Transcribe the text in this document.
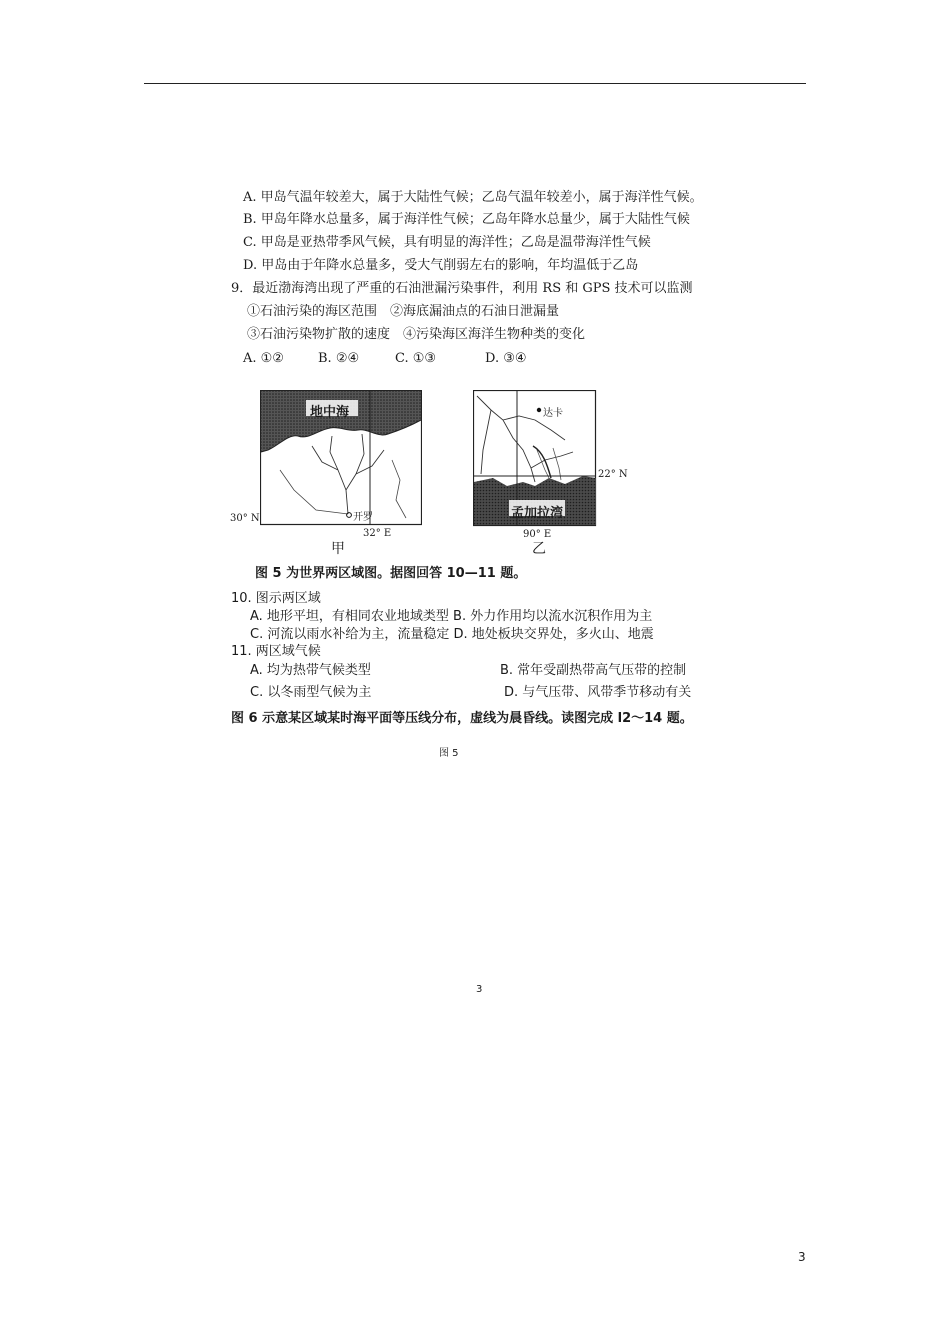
A. 甲岛气温年较差大，属于大陆性气候；乙岛气温年较差小，属于海洋性气候。
B. 甲岛年降水总量多，属于海洋性气候；乙岛年降水总量少，属于大陆性气候
C. 甲岛是亚热带季风气候，具有明显的海洋性；乙岛是温带海洋性气候
D. 甲岛由于年降水总量多，受大气削弱左右的影响，年均温低于乙岛
9．最近渤海湾出现了严重的石油泄漏污染事件，利用 RS 和 GPS 技术可以监测
①石油污染的海区范围　②海底漏油点的石油日泄漏量
③石油污染物扩散的速度　④污染海区海洋生物种类的变化
A. ①②	B. ②④	C. ①③	D. ③④
地中海
开罗
30° N
32° E
甲
达卡
22° N
孟加拉湾
90° E
乙
图 5 为世界两区域图。据图回答 10—11 题。
10. 图示两区域
A. 地形平坦，有相同农业地域类型 B. 外力作用均以流水沉积作用为主
C. 河流以雨水补给为主，流量稳定 D. 地处板块交界处，多火山、地震
11. 两区域气候
A. 均为热带气候类型	B. 常年受副热带高气压带的控制
C. 以冬雨型气候为主	D. 与气压带、风带季节移动有关
图 6 示意某区域某时海平面等压线分布，虚线为晨昏线。读图完成 l2～14 题。
图 5
3
3
